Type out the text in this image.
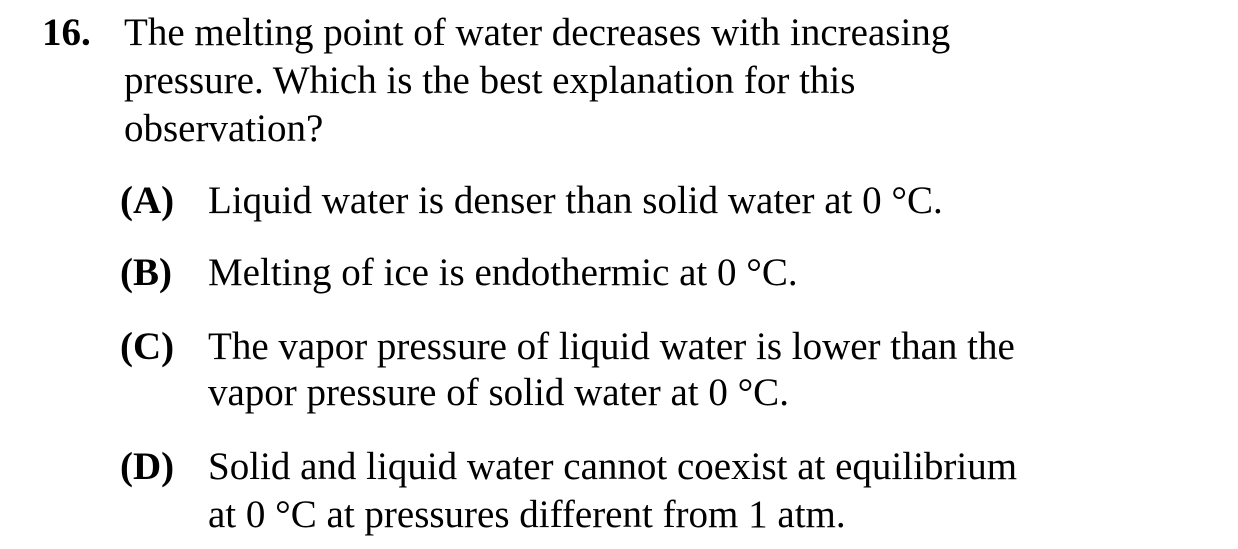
16. The melting point of water decreases with increasing
pressure. Which is the best explanation for this
observation?
(A) Liquid water is denser than solid water at 0 °C.
(B) Melting of ice is endothermic at 0 °C.
(C) The vapor pressure of liquid water is lower than the
vapor pressure of solid water at 0 °C.
(D) Solid and liquid water cannot coexist at equilibrium
at 0 °C at pressures different from 1 atm.
